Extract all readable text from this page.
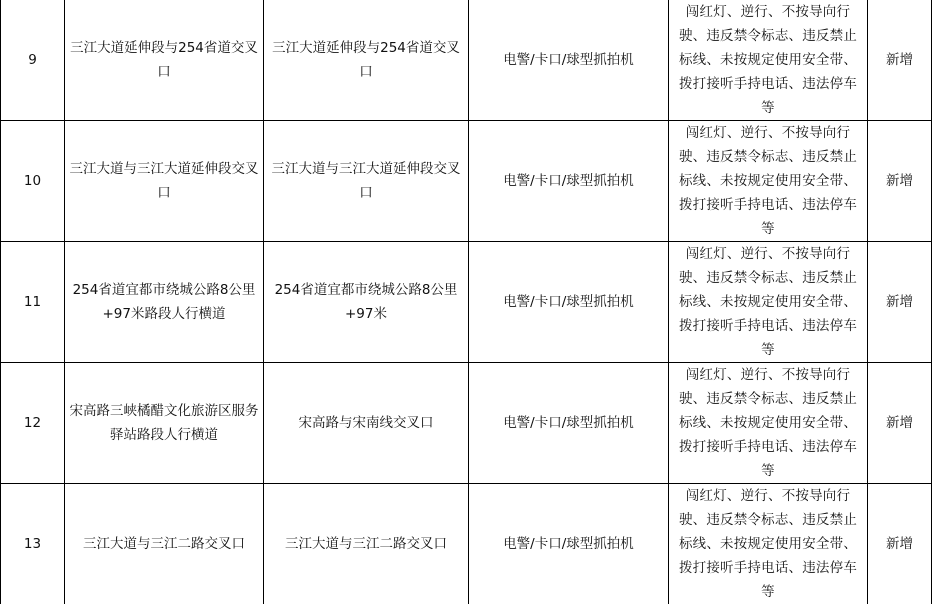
9	三江大道延伸段与254省道交叉口	三江大道延伸段与254省道交叉口	电警/卡口/球型抓拍机	闯红灯、逆行、不按导向行驶、违反禁令标志、违反禁止标线、未按规定使用安全带、拨打接听手持电话、违法停车等	新增
10	三江大道与三江大道延伸段交叉口	三江大道与三江大道延伸段交叉口	电警/卡口/球型抓拍机	闯红灯、逆行、不按导向行驶、违反禁令标志、违反禁止标线、未按规定使用安全带、拨打接听手持电话、违法停车等	新增
11	254省道宜都市绕城公路8公里+97米路段人行横道	254省道宜都市绕城公路8公里+97米	电警/卡口/球型抓拍机	闯红灯、逆行、不按导向行驶、违反禁令标志、违反禁止标线、未按规定使用安全带、拨打接听手持电话、违法停车等	新增
12	宋高路三峡橘醋文化旅游区服务驿站路段人行横道	宋高路与宋南线交叉口	电警/卡口/球型抓拍机	闯红灯、逆行、不按导向行驶、违反禁令标志、违反禁止标线、未按规定使用安全带、拨打接听手持电话、违法停车等	新增
13	三江大道与三江二路交叉口	三江大道与三江二路交叉口	电警/卡口/球型抓拍机	闯红灯、逆行、不按导向行驶、违反禁令标志、违反禁止标线、未按规定使用安全带、拨打接听手持电话、违法停车等	新增
